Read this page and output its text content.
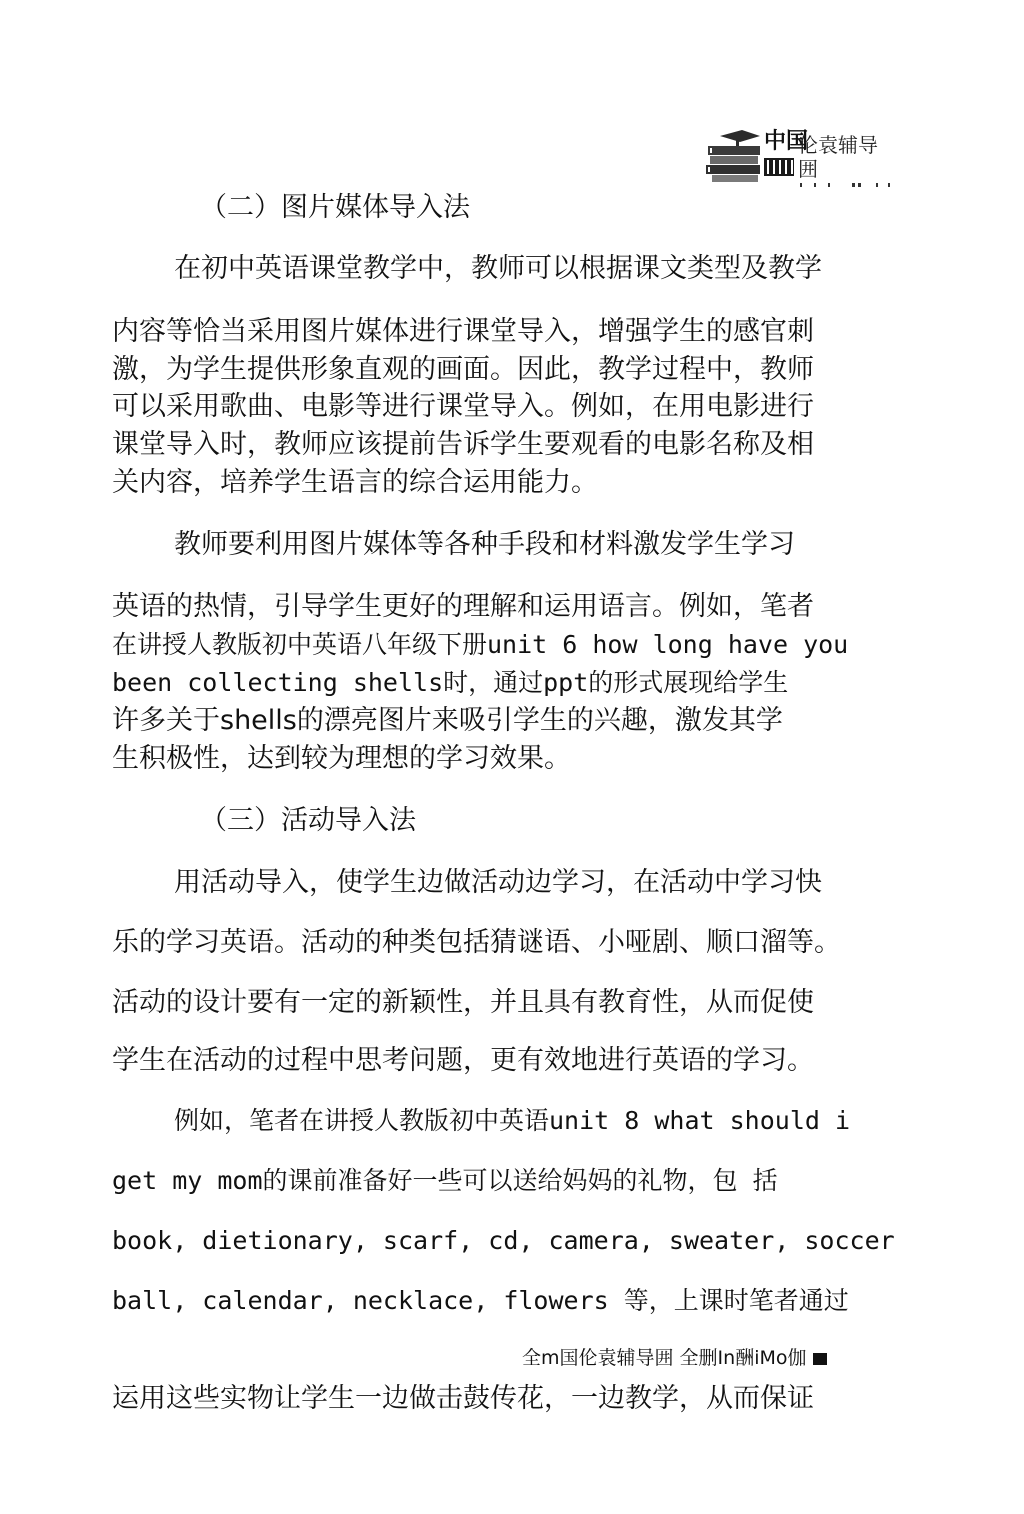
中国
伦袁辅导
囲
（二）图片媒体导入法
在初中英语课堂教学中，教师可以根据课文类型及教学
内容等恰当采用图片媒体进行课堂导入，增强学生的感官刺
激，为学生提供形象直观的画面。因此，教学过程中，教师
可以采用歌曲、电影等进行课堂导入。例如，在用电影进行
课堂导入时，教师应该提前告诉学生要观看的电影名称及相
关内容，培养学生语言的综合运用能力。
教师要利用图片媒体等各种手段和材料激发学生学习
英语的热情，引导学生更好的理解和运用语言。例如，笔者
在讲授人教版初中英语八年级下册unit 6 how long have you
been collecting shells时，通过ppt的形式展现给学生
许多关于shells的漂亮图片来吸引学生的兴趣，激发其学
生积极性，达到较为理想的学习效果。
（三）活动导入法
用活动导入，使学生边做活动边学习，在活动中学习快
乐的学习英语。活动的种类包括猜谜语、小哑剧、顺口溜等。
活动的设计要有一定的新颖性，并且具有教育性，从而促使
学生在活动的过程中思考问题，更有效地进行英语的学习。
例如，笔者在讲授人教版初中英语unit 8 what should i
get my mom的课前准备好一些可以送给妈妈的礼物，包 括
book, dietionary, scarf, cd, camera, sweater, soccer
ball, calendar, necklace, flowers 等，上课时笔者通过
全m国伦袁辅导囲 全删In酬iMo伽
运用这些实物让学生一边做击鼓传花，一边教学，从而保证
